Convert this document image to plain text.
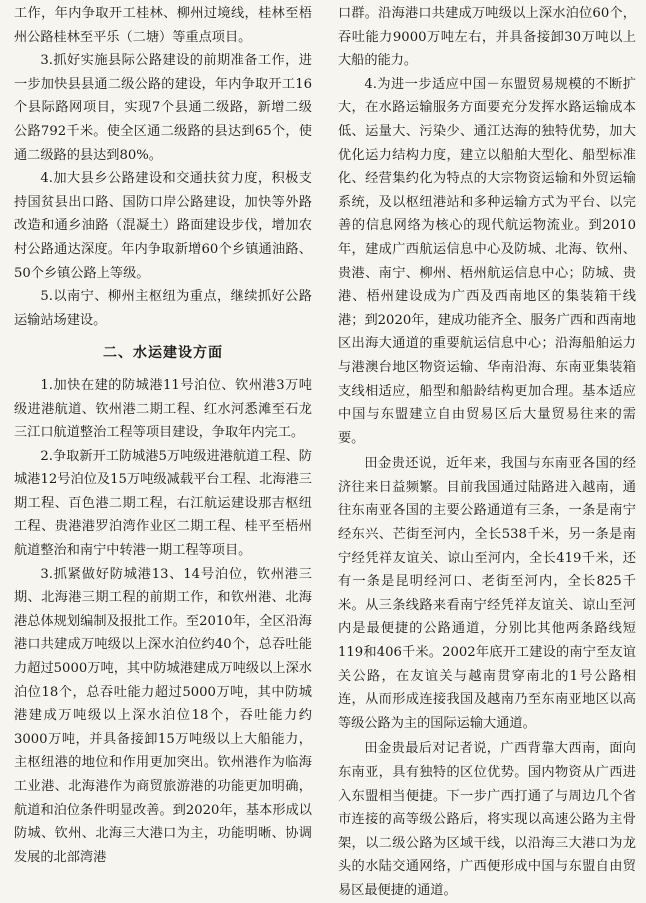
工作，年内争取开工桂林、柳州过境线，桂林至梧州公路桂林至平乐（二塘）等重点项目。

3.抓好实施县际公路建设的前期准备工作，进一步加快县县通二级公路的建设，年内争取开工16个县际路网项目，实现7个县通二级路，新增二级公路792千米。使全区通二级路的县达到65个，使通二级路的县达到80%。

4.加大县乡公路建设和交通扶贫力度，积极支持国贫县出口路、国防口岸公路建设，加快等外路改造和通乡油路（混凝土）路面建设步伐，增加农村公路通达深度。年内争取新增60个乡镇通油路、50个乡镇公路上等级。

5.以南宁、柳州主枢纽为重点，继续抓好公路运输站场建设。

二、水运建设方面

1.加快在建的防城港11号泊位、钦州港3万吨级进港航道、钦州港二期工程、红水河悉滩至石龙三江口航道整治工程等项目建设，争取年内完工。

2.争取新开工防城港5万吨级进港航道工程、防城港12号泊位及15万吨级减载平台工程、北海港三期工程、百色港二期工程，右江航运建设那吉枢纽工程、贵港港罗泊湾作业区二期工程、桂平至梧州航道整治和南宁中转港一期工程等项目。

3.抓紧做好防城港13、14号泊位，钦州港三期、北海港三期工程的前期工作，和钦州港、北海港总体规划编制及报批工作。至2010年，全区沿海港口共建成万吨级以上深水泊位约40个，总吞吐能力超过5000万吨，其中防城港建成万吨级以上深水泊位18个，总吞吐能力超过5000万吨，其中防城港建成万吨级以上深水泊位18个，吞吐能力约3000万吨，并具备接卸15万吨级以上大船能力，主枢纽港的地位和作用更加突出。钦州港作为临海工业港、北海港作为商贸旅游港的功能更加明确，航道和泊位条件明显改善。到2020年，基本形成以防城、钦州、北海三大港口为主，功能明晰、协调发展的北部湾港

口群。沿海港口共建成万吨级以上深水泊位60个，吞吐能力9000万吨左右，并具备接卸30万吨以上大船的能力。

4.为进一步适应中国－东盟贸易规模的不断扩大，在水路运输服务方面要充分发挥水路运输成本低、运量大、污染少、通江达海的独特优势，加大优化运力结构力度，建立以船舶大型化、船型标准化、经营集约化为特点的大宗物资运输和外贸运输系统，及以枢纽港站和多种运输方式为平台、以完善的信息网络为核心的现代航运物流业。到2010年，建成广西航运信息中心及防城、北海、钦州、贵港、南宁、柳州、梧州航运信息中心；防城、贵港、梧州建设成为广西及西南地区的集装箱干线港；到2020年，建成功能齐全、服务广西和西南地区出海大通道的重要航运信息中心；沿海船舶运力与港澳台地区物资运输、华南沿海、东南亚集装箱支线相适应，船型和船龄结构更加合理。基本适应中国与东盟建立自由贸易区后大量贸易往来的需要。

田金贵还说，近年来，我国与东南亚各国的经济往来日益频繁。目前我国通过陆路进入越南，通往东南亚各国的主要公路通道有三条，一条是南宁经东兴、芒街至河内，全长538千米，另一条是南宁经凭祥友谊关、谅山至河内，全长419千米，还有一条是昆明经河口、老街至河内，全长825千米。从三条线路来看南宁经凭祥友谊关、谅山至河内是最便捷的公路通道，分别比其他两条路线短119和406千米。2002年底开工建设的南宁至友谊关公路，在友谊关与越南贯穿南北的1号公路相连，从而形成连接我国及越南乃至东南亚地区以高等级公路为主的国际运输大通道。

田金贵最后对记者说，广西背靠大西南，面向东南亚，具有独特的区位优势。国内物资从广西进入东盟相当便捷。下一步广西打通了与周边几个省市连接的高等级公路后，将实现以高速公路为主骨架，以二级公路为区域干线，以沿海三大港口为龙头的水陆交通网络，广西便形成中国与东盟自由贸易区最便捷的通道。
